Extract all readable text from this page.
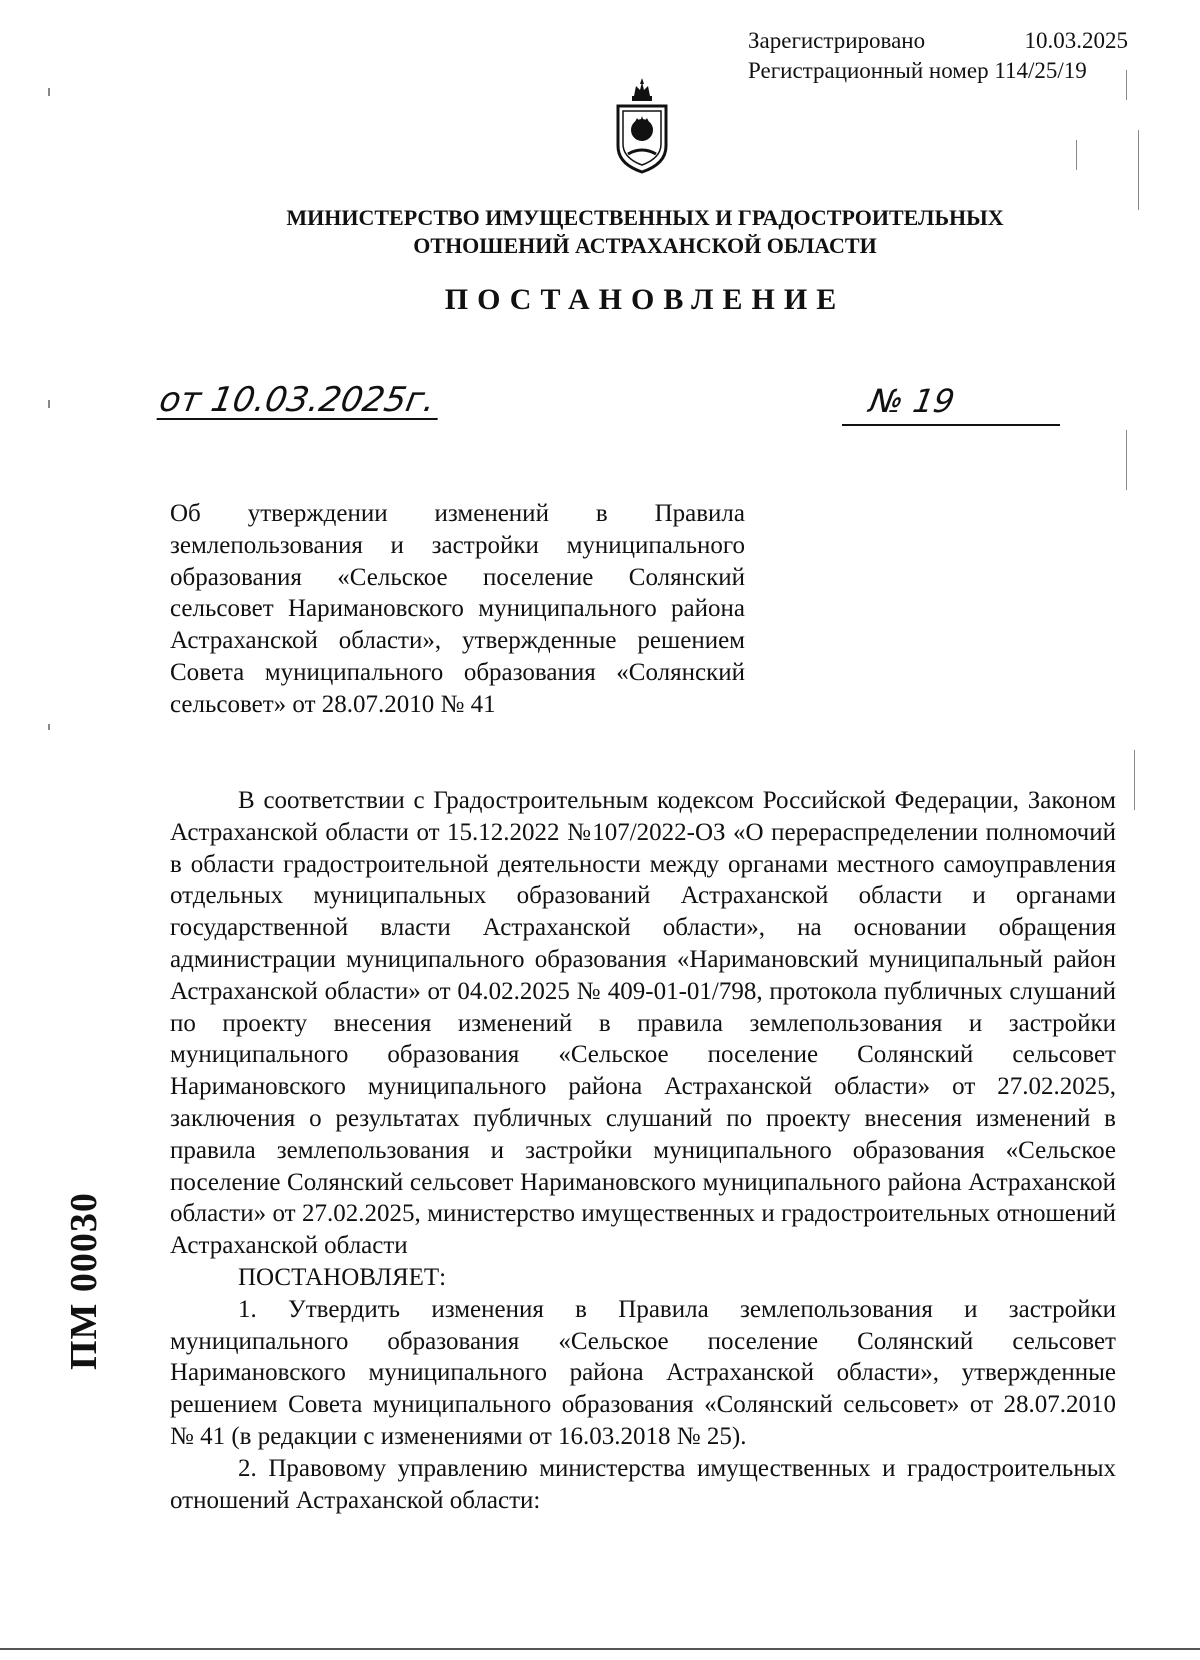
Зарегистрировано	10.03.2025
Регистрационный номер 114/25/19
МИНИСТЕРСТВО ИМУЩЕСТВЕННЫХ И ГРАДОСТРОИТЕЛЬНЫХ
ОТНОШЕНИЙ АСТРАХАНСКОЙ ОБЛАСТИ
ПОСТАНОВЛЕНИЕ
от 10.03.2025г.	№ 19
Об утверждении изменений в Правила землепользования и застройки муниципального образования «Сельское поселение Солянский сельсовет Наримановского муниципального района Астраханской области», утвержденные решением Совета муниципального образования «Солянский сельсовет» от 28.07.2010 № 41

В соответствии с Градостроительным кодексом Российской Федерации, Законом Астраханской области от 15.12.2022 №107/2022-ОЗ «О перераспределении полномочий в области градостроительной деятельности между органами местного самоуправления отдельных муниципальных образований Астраханской области и органами государственной власти Астраханской области», на основании обращения администрации муниципального образования «Наримановский муниципальный район Астраханской области» от 04.02.2025 № 409-01-01/798, протокола публичных слушаний по проекту внесения изменений в правила землепользования и застройки муниципального образования «Сельское поселение Солянский сельсовет Наримановского муниципального района Астраханской области» от 27.02.2025, заключения о результатах публичных слушаний по проекту внесения изменений в правила землепользования и застройки муниципального образования «Сельское поселение Солянский сельсовет Наримановского муниципального района Астраханской области» от 27.02.2025, министерство имущественных и градостроительных отношений Астраханской области

ПОСТАНОВЛЯЕТ:

1. Утвердить изменения в Правила землепользования и застройки муниципального образования «Сельское поселение Солянский сельсовет Наримановского муниципального района Астраханской области», утвержденные решением Совета муниципального образования «Солянский сельсовет» от 28.07.2010 № 41 (в редакции с изменениями от 16.03.2018 № 25).

2. Правовому управлению министерства имущественных и градостроительных отношений Астраханской области:

ПМ 00030
